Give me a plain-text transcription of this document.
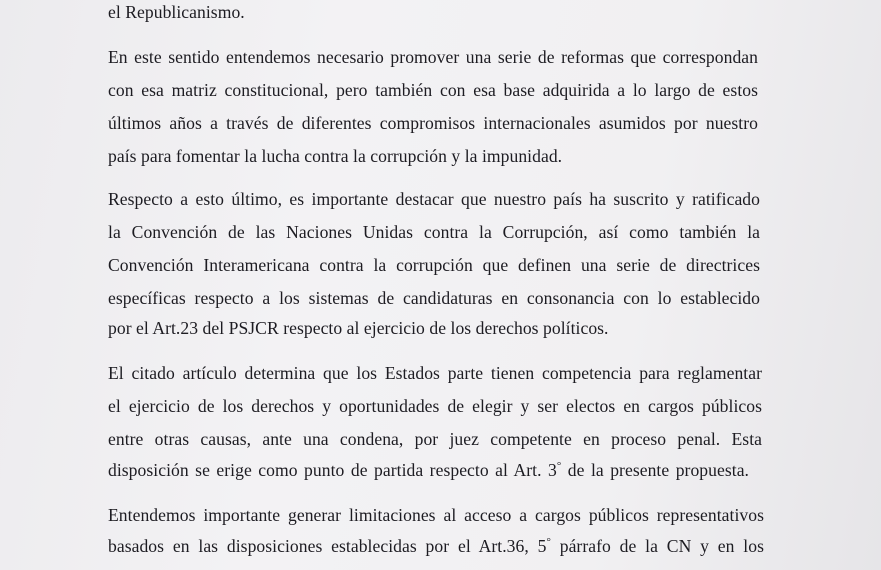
el Republicanismo.
En este sentido entendemos necesario promover una serie de reformas que correspondan
con esa matriz constitucional, pero también con esa base adquirida a lo largo de estos
últimos años a través de diferentes compromisos internacionales asumidos por nuestro
país para fomentar la lucha contra la corrupción y la impunidad.
Respecto a esto último, es importante destacar que nuestro país ha suscrito y ratificado
la Convención de las Naciones Unidas contra la Corrupción, así como también la
Convención Interamericana contra la corrupción que definen una serie de directrices
específicas respecto a los sistemas de candidaturas en consonancia con lo establecido
por el Art.23 del PSJCR respecto al ejercicio de los derechos políticos.
El citado artículo determina que los Estados parte tienen competencia para reglamentar
el ejercicio de los derechos y oportunidades de elegir y ser electos en cargos públicos
entre otras causas, ante una condena, por juez competente en proceso penal. Esta
disposición se erige como punto de partida respecto al Art. 3° de la presente propuesta.
Entendemos importante generar limitaciones al acceso a cargos públicos representativos
basados en las disposiciones establecidas por el Art.36, 5° párrafo de la CN y en los
